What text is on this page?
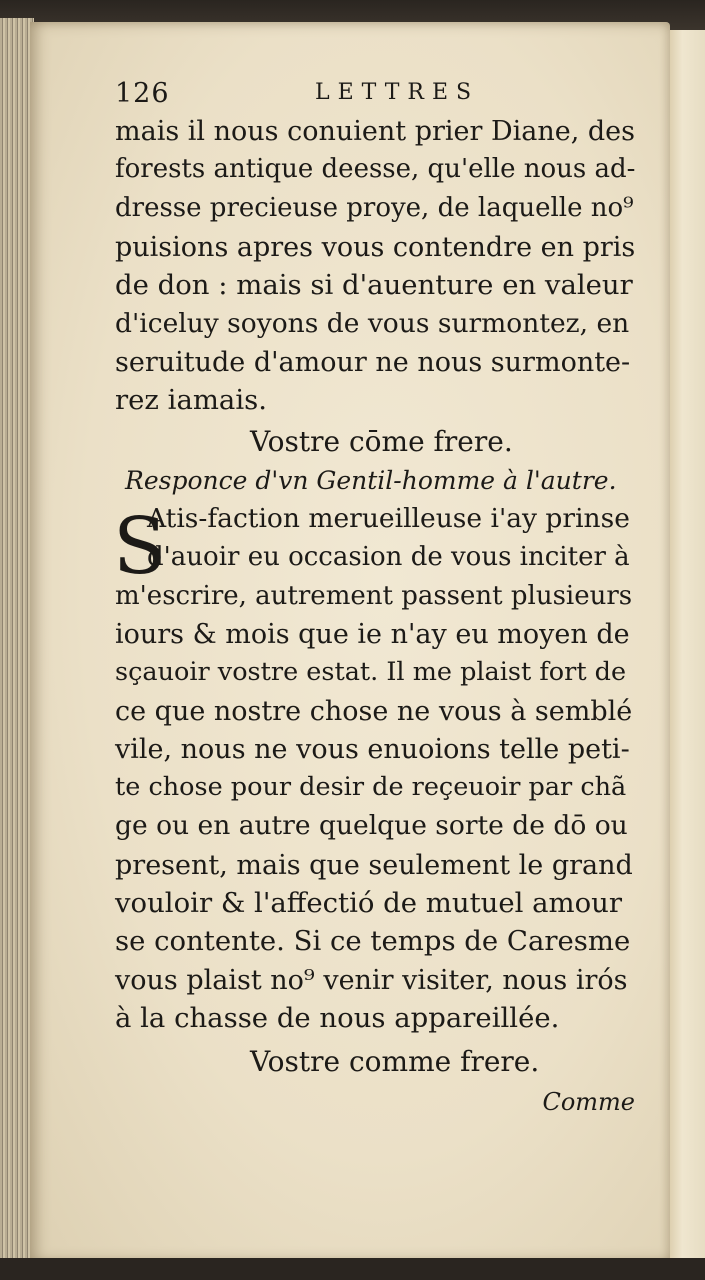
126	LETTRES
mais il nous conuient prier Diane, des
forests antique deesse, qu'elle nous ad-
dresse precieuse proye, de laquelle no⁹
puisions apres vous contendre en pris
de don : mais si d'auenture en valeur
d'iceluy soyons de vous surmontez, en
seruitude d'amour ne nous surmonte-
rez iamais.
Vostre cōme frere.
Responce d'vn Gentil-homme à l'autre.
S
Atis-faction merueilleuse i'ay prinse
d'auoir eu occasion de vous inciter à
m'escrire, autrement passent plusieurs
iours & mois que ie n'ay eu moyen de
sçauoir vostre estat. Il me plaist fort de
ce que nostre chose ne vous à semblé
vile, nous ne vous enuoions telle peti-
te chose pour desir de reçeuoir par chã
ge ou en autre quelque sorte de dō ou
present, mais que seulement le grand
vouloir & l'affectió de mutuel amour
se contente. Si ce temps de Caresme
vous plaist no⁹ venir visiter, nous irós
à la chasse de nous appareillée.
Vostre comme frere.
Comme
